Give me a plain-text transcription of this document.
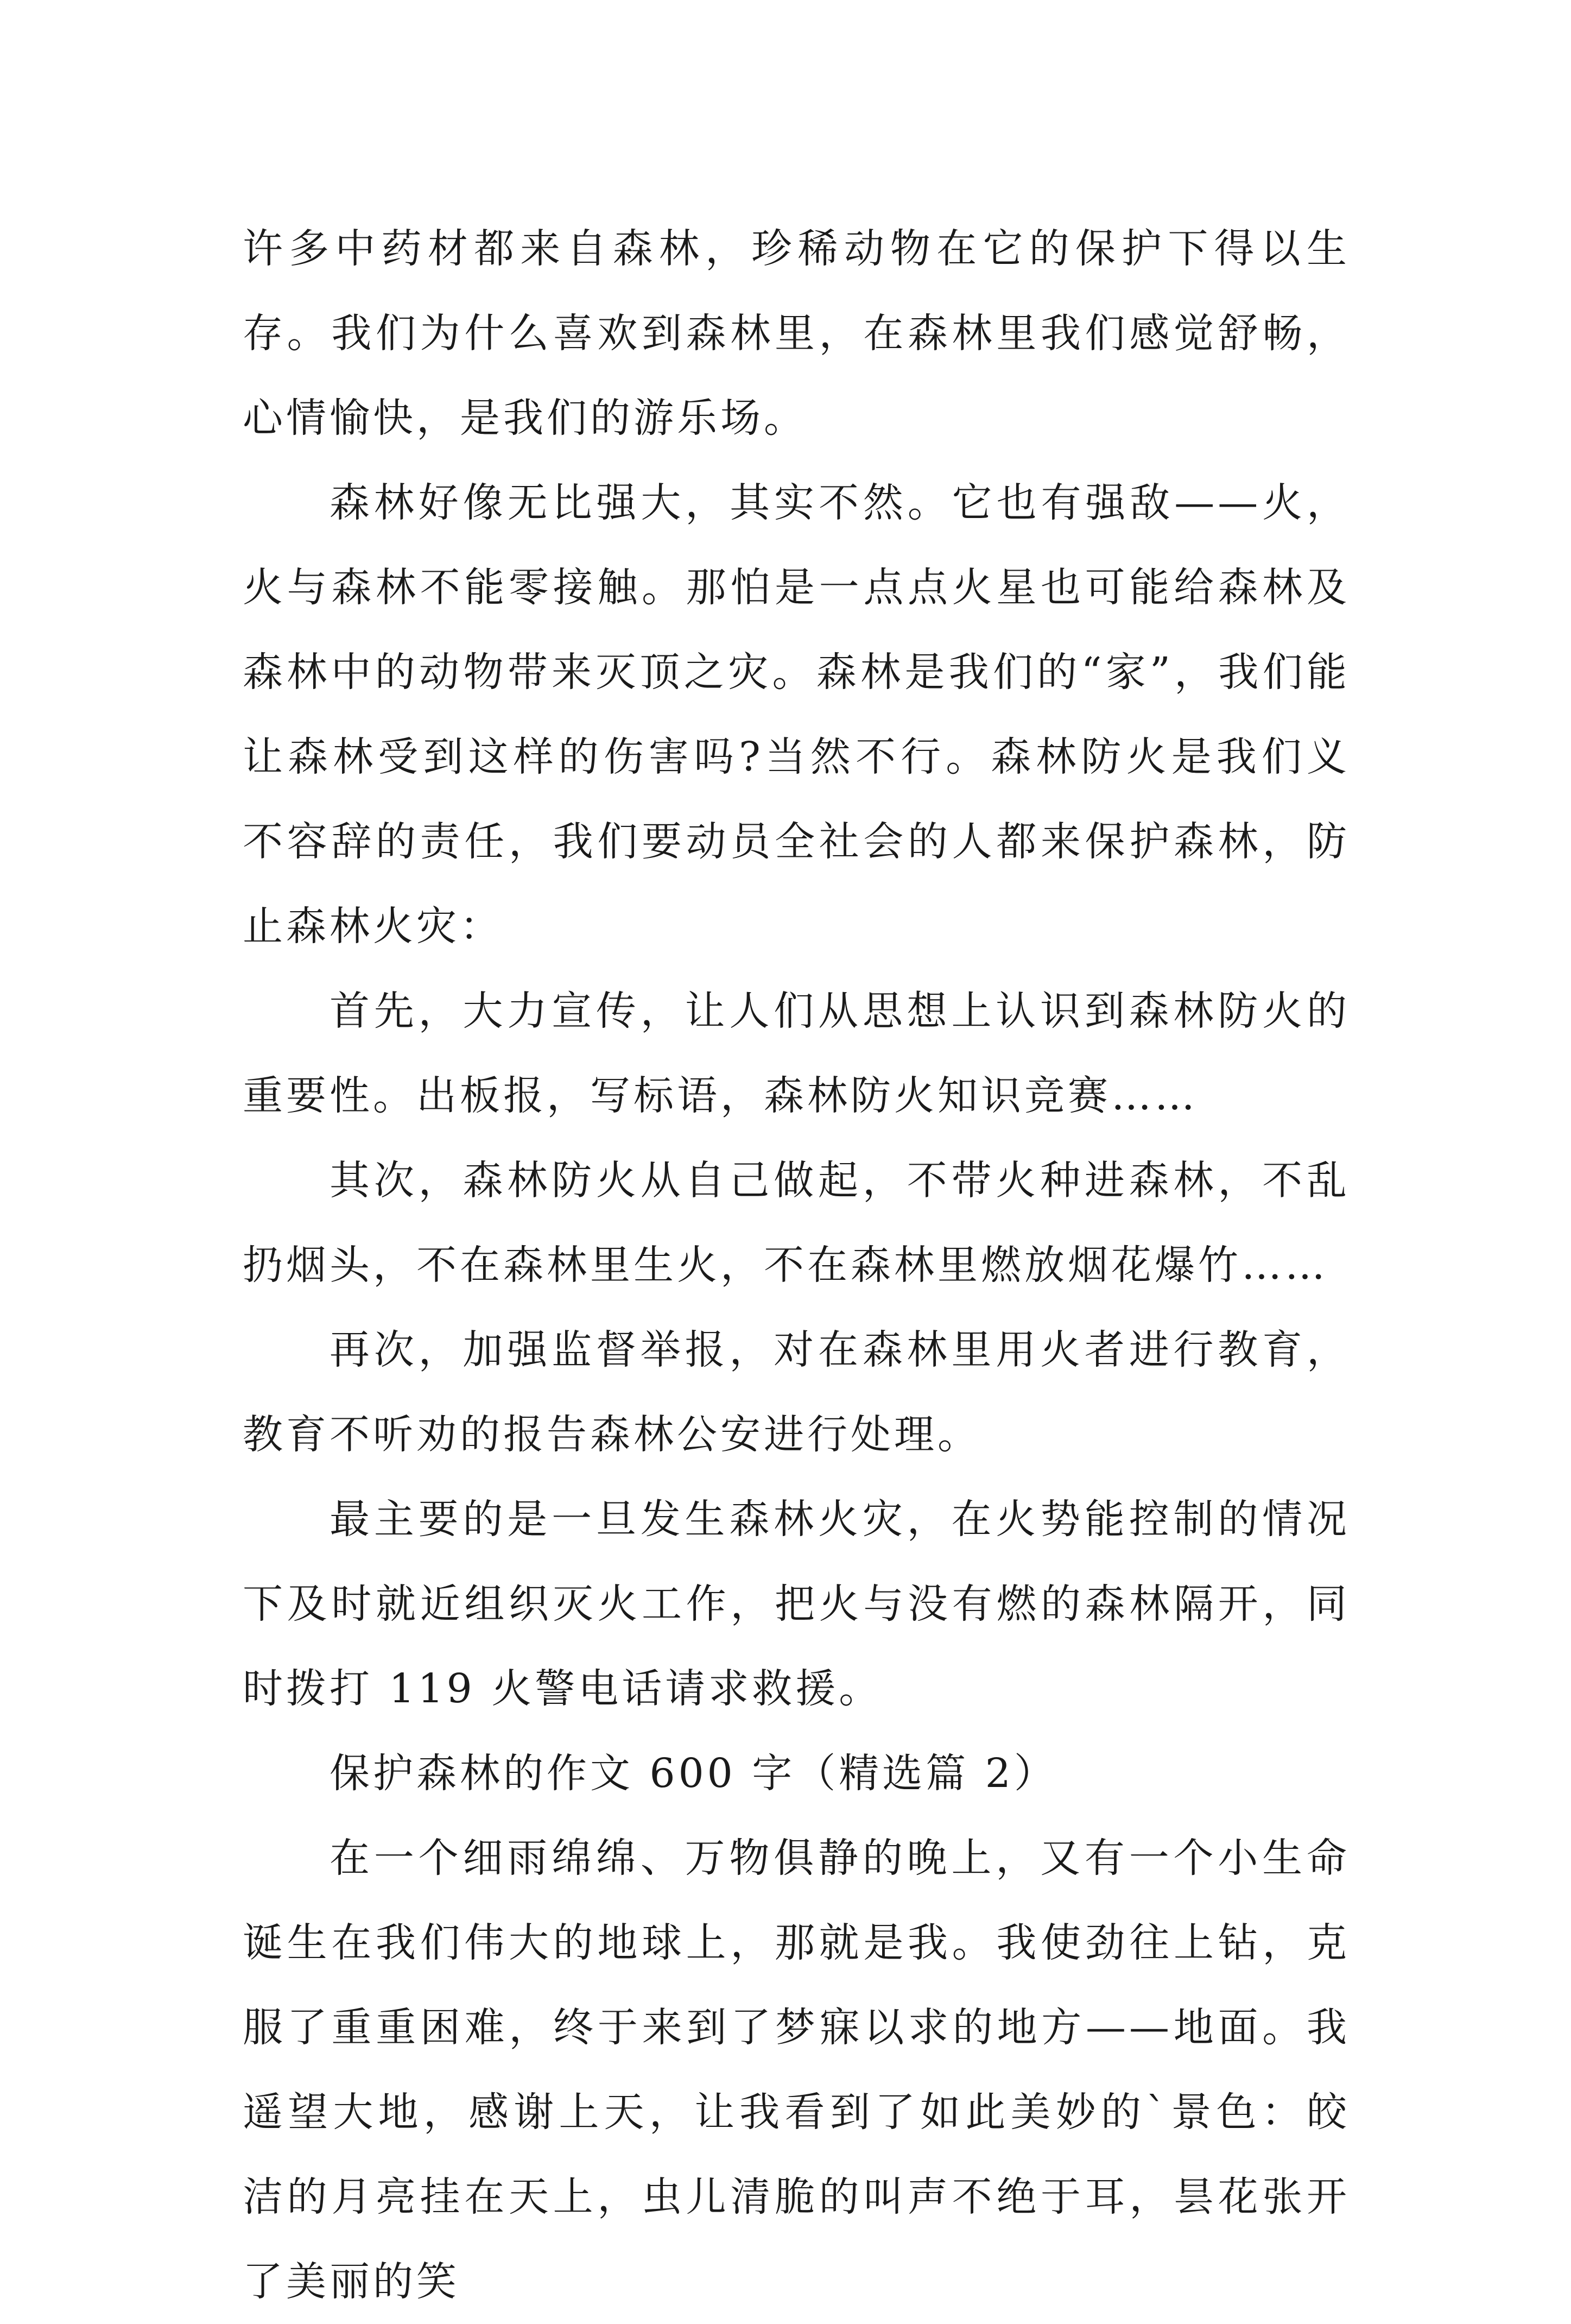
许多中药材都来自森林，珍稀动物在它的保护下得以生存。我们为什么喜欢到森林里，在森林里我们感觉舒畅，心情愉快，是我们的游乐场。

森林好像无比强大，其实不然。它也有强敌——火，火与森林不能零接触。那怕是一点点火星也可能给森林及森林中的动物带来灭顶之灾。森林是我们的“家”，我们能让森林受到这样的伤害吗?当然不行。森林防火是我们义不容辞的责任，我们要动员全社会的人都来保护森林，防止森林火灾：

首先，大力宣传，让人们从思想上认识到森林防火的重要性。出板报，写标语，森林防火知识竞赛……

其次，森林防火从自己做起，不带火种进森林，不乱扔烟头，不在森林里生火，不在森林里燃放烟花爆竹……

再次，加强监督举报，对在森林里用火者进行教育，教育不听劝的报告森林公安进行处理。

最主要的是一旦发生森林火灾，在火势能控制的情况下及时就近组织灭火工作，把火与没有燃的森林隔开，同时拨打 119 火警电话请求救援。

保护森林的作文 600 字（精选篇 2）

在一个细雨绵绵、万物俱静的晚上，又有一个小生命诞生在我们伟大的地球上，那就是我。我使劲往上钻，克服了重重困难，终于来到了梦寐以求的地方——地面。我遥望大地，感谢上天，让我看到了如此美妙的`景色：皎洁的月亮挂在天上，虫儿清脆的叫声不绝于耳，昙花张开了美丽的笑
